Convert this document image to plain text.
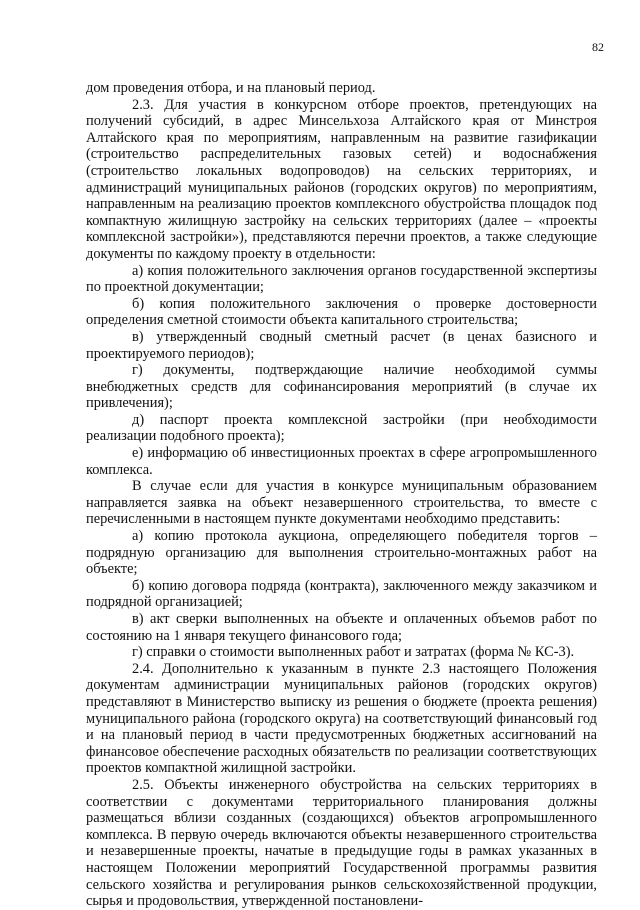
82

дом проведения отбора, и на плановый период.

2.3. Для участия в конкурсном отборе проектов, претендующих на получений субсидий, в адрес Минсельхоза Алтайского края от Минстроя Алтайского края по мероприятиям, направленным на развитие газификации (строительство распределительных газовых сетей) и водоснабжения (строительство локальных водопроводов) на сельских территориях, и администраций муниципальных районов (городских округов) по мероприятиям, направленным на реализацию проектов комплексного обустройства площадок под компактную жилищную застройку на сельских территориях (далее – «проекты комплексной застройки»), представляются перечни проектов, а также следующие документы по каждому проекту в отдельности:

а) копия положительного заключения органов государственной экспертизы по проектной документации;

б) копия положительного заключения о проверке достоверности определения сметной стоимости объекта капитального строительства;

в) утвержденный сводный сметный расчет (в ценах базисного и проектируемого периодов);

г) документы, подтверждающие наличие необходимой суммы внебюджетных средств для софинансирования мероприятий (в случае их привлечения);

д) паспорт проекта комплексной застройки (при необходимости реализации подобного проекта);

е) информацию об инвестиционных проектах в сфере агропромышленного комплекса.

В случае если для участия в конкурсе муниципальным образованием направляется заявка на объект незавершенного строительства, то вместе с перечисленными в настоящем пункте документами необходимо представить:

а) копию протокола аукциона, определяющего победителя торгов – подрядную организацию для выполнения строительно-монтажных работ на объекте;

б) копию договора подряда (контракта), заключенного между заказчиком и подрядной организацией;

в) акт сверки выполненных на объекте и оплаченных объемов работ по состоянию на 1 января текущего финансового года;

г) справки о стоимости выполненных работ и затратах (форма № КС-3).

2.4. Дополнительно к указанным в пункте 2.3 настоящего Положения документам администрации муниципальных районов (городских округов) представляют в Министерство выписку из решения о бюджете (проекта решения) муниципального района (городского округа) на соответствующий финансовый год и на плановый период в части предусмотренных бюджетных ассигнований на финансовое обеспечение расходных обязательств по реализации соответствующих проектов компактной жилищной застройки.

2.5. Объекты инженерного обустройства на сельских территориях в соответствии с документами территориального планирования должны размещаться вблизи созданных (создающихся) объектов агропромышленного комплекса. В первую очередь включаются объекты незавершенного строительства и незавершенные проекты, начатые в предыдущие годы в рамках указанных в настоящем Положении мероприятий Государственной программы развития сельского хозяйства и регулирования рынков сельскохозяйственной продукции, сырья и продовольствия, утвержденной постановлени-
